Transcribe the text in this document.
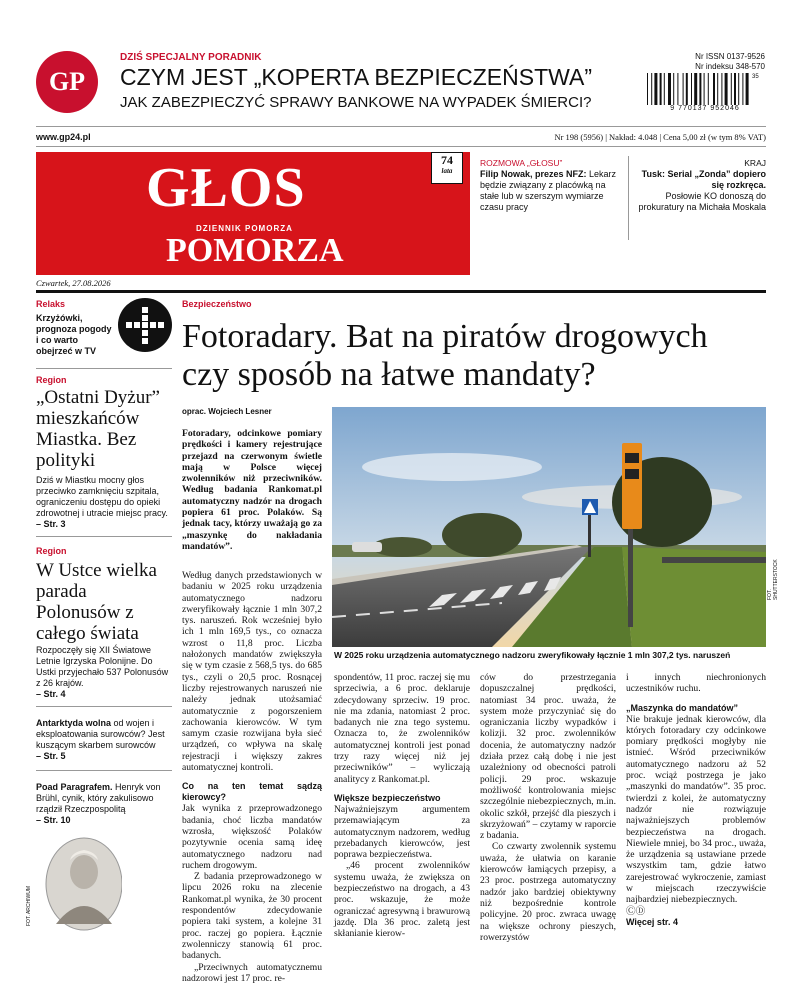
GP
DZIŚ SPECJALNY PORADNIK
CZYM JEST „KOPERTA BEZPIECZEŃSTWA”
JAK ZABEZPIECZYĆ SPRAWY BANKOWE NA WYPADEK ŚMIERCI?
Nr ISSN 0137-9526
Nr indeksu 348-570
9 770137 952046
35
www.gp24.pl	Nr 198 (5956) | Nakład: 4.048 | Cena 5,00 zł (w tym 8% VAT)
GŁOS
DZIENNIK POMORZA
POMORZA
74
lata
Czwartek, 27.08.2026
ROZMOWA „GŁOSU”
Filip Nowak, prezes NFZ: Lekarz będzie związany z placówką na stałe lub w szerszym wymiarze czasu pracy
KRAJ
Tusk: Serial „Zonda” dopiero się rozkręca.
Posłowie KO donoszą do prokuratury na Michała Moskala
Relaks
Krzyżówki, prognoza pogody i co warto obejrzeć w TV
Region
„Ostatni Dyżur” mieszkańców Miastka. Bez polityki
Dziś w Miastku mocny głos przeciwko zamknięciu szpitala, ograniczeniu dostępu do opieki zdrowotnej i utracie miejsc pracy.
– Str. 3
Region
W Ustce wielka parada Polonusów z całego świata
Rozpoczęły się XII Światowe Letnie Igrzyska Polonijne. Do Ustki przyjechało 537 Polonusów z 26 krajów.
– Str. 4
Antarktyda wolna od wojen i eksploatowania surowców? Jest kuszącym skarbem surowców
– Str. 5
Poad Paragrafem. Henryk von Brühl, cynik, który zakulisowo rządził Rzeczpospolitą
– Str. 10
FOT. ARCHIWUM
Bezpieczeństwo
Fotoradary. Bat na piratów drogowych
czy sposób na łatwe mandaty?
oprac. Wojciech Lesner
Fotoradary, odcinkowe pomiary prędkości i kamery rejestrujące przejazd na czerwonym świetle mają w Polsce więcej zwolenników niż przeciwników. Według badania Rankomat.pl automatyczny nadzór na drogach popiera 61 proc. Polaków. Są jednak tacy, którzy uważają go za „maszynkę do nakładania mandatów”.
Według danych przedstawionych w badaniu w 2025 roku urządzenia automatycznego nadzoru zweryfikowały łącznie 1 mln 307,2 tys. naruszeń. Rok wcześniej było ich 1 mln 169,5 tys., co oznacza wzrost o 11,8 proc. Liczba nałożonych mandatów zwiększyła się w tym czasie z 568,5 tys. do 685 tys., czyli o 20,5 proc. Rosnącej liczby rejestrowanych naruszeń nie należy jednak utożsamiać automatycznie z pogorszeniem zachowania kierowców. W tym samym czasie rozwijana była sieć urządzeń, co wpływa na skalę rejestracji i większy zakres automatycznej kontroli.
Co na ten temat sądzą kierowcy?
Jak wynika z przeprowadzonego badania, choć liczba mandatów wzrosła, większość Polaków pozytywnie ocenia samą ideę automatycznego nadzoru nad ruchem drogowym.
Z badania przeprowadzonego w lipcu 2026 roku na zlecenie Rankomat.pl wynika, że 30 procent respondentów zdecydowanie popiera taki system, a kolejne 31 proc. raczej go popiera. Łącznie zwolenniczy stanowią 61 proc. badanych.
„Przeciwnych automatycznemu nadzorowi jest 17 proc. re-
FOT. SHUTTERSTOCK
W 2025 roku urządzenia automatycznego nadzoru zweryfikowały łącznie 1 mln 307,2 tys. naruszeń
spondentów, 11 proc. raczej się mu sprzeciwia, a 6 proc. deklaruje zdecydowany sprzeciw. 19 proc. nie ma zdania, natomiast 2 proc. badanych nie zna tego systemu. Oznacza to, że zwolenników automatycznej kontroli jest ponad trzy razy więcej niż jej przeciwników” – wyliczają analitycy z Rankomat.pl.
Większe bezpieczeństwo
Najważniejszym argumentem przemawiającym za automatycznym nadzorem, według przebadanych kierowców, jest poprawa bezpieczeństwa.
„46 procent zwolenników systemu uważa, że zwiększa on bezpieczeństwo na drogach, a 43 proc. wskazuje, że może ograniczać agresywną i brawurową jazdę. Dla 36 proc. zaletą jest skłanianie kierow-
ców do przestrzegania dopuszczalnej prędkości, natomiast 34 proc. uważa, że system może przyczyniać się do ograniczania liczby wypadków i kolizji. 32 proc. zwolenników docenia, że automatyczny nadzór działa przez całą dobę i nie jest uzależniony od obecności patroli policji. 29 proc. wskazuje możliwość kontrolowania miejsc szczególnie niebezpiecznych, m.in. okolic szkół, przejść dla pieszych i skrzyżowań” – czytamy w raporcie z badania.
Co czwarty zwolennik systemu uważa, że ułatwia on karanie kierowców łamiących przepisy, a 23 proc. postrzega automatyczny nadzór jako bardziej obiektywny niż bezpośrednie kontrole policyjne. 20 proc. zwraca uwagę na większe ochrony pieszych, rowerzystów
i innych niechronionych uczestników ruchu.
„Maszynka do mandatów”
Nie brakuje jednak kierowców, dla których fotoradary czy odcinkowe pomiary prędkości mogłyby nie istnieć. Wśród przeciwników automatycznego nadzoru aż 52 proc. wciąż postrzega je jako „maszynki do mandatów”. 35 proc. twierdzi z kolei, że automatyczny nadzór nie rozwiązuje najważniejszych problemów bezpieczeństwa na drogach. Niewiele mniej, bo 34 proc., uważa, że urządzenia są ustawiane przede wszystkim tam, gdzie łatwo zarejestrować wykroczenie, zamiast w miejscach rzeczywiście najbardziej niebezpiecznych.
ⒸⒹ
Więcej str. 4
